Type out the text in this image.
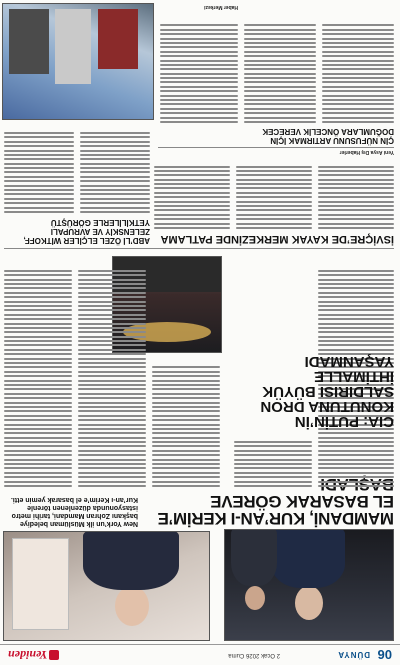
06
DÜNYA
2 Ocak 2026 Cuma
Yeniden
MAMDANİ, KUR’AN-I KERİM’E EL BASARAK GÖREVE
New York’un ilk Müslüman belediye başkanı Zohran Mamdani, tarihi metro istasyonunda düzenlenen törenle Kur’an-ı Kerim’e el basarak yemin etti.
CIA: PUTİN’İN KONUTUNA DRON SALDIRISI BÜYÜK İHTİMALLE YAŞANMADI
İSVİÇRE’DE KAYAK MERKEZİNDE PATLAMA
Yeni Asya Dış Haberler
ABD’Lİ ÖZEL ELÇİLER WİTKOFF, ZELENSKİY VE AVRUPALI YETKİLİLERLE GÖRÜŞTÜ
ÇİN NÜFUSUNU ARTIRMAK İÇİN DOĞUMLARA ÖNCELİK VERECEK
Haber Merkezi
